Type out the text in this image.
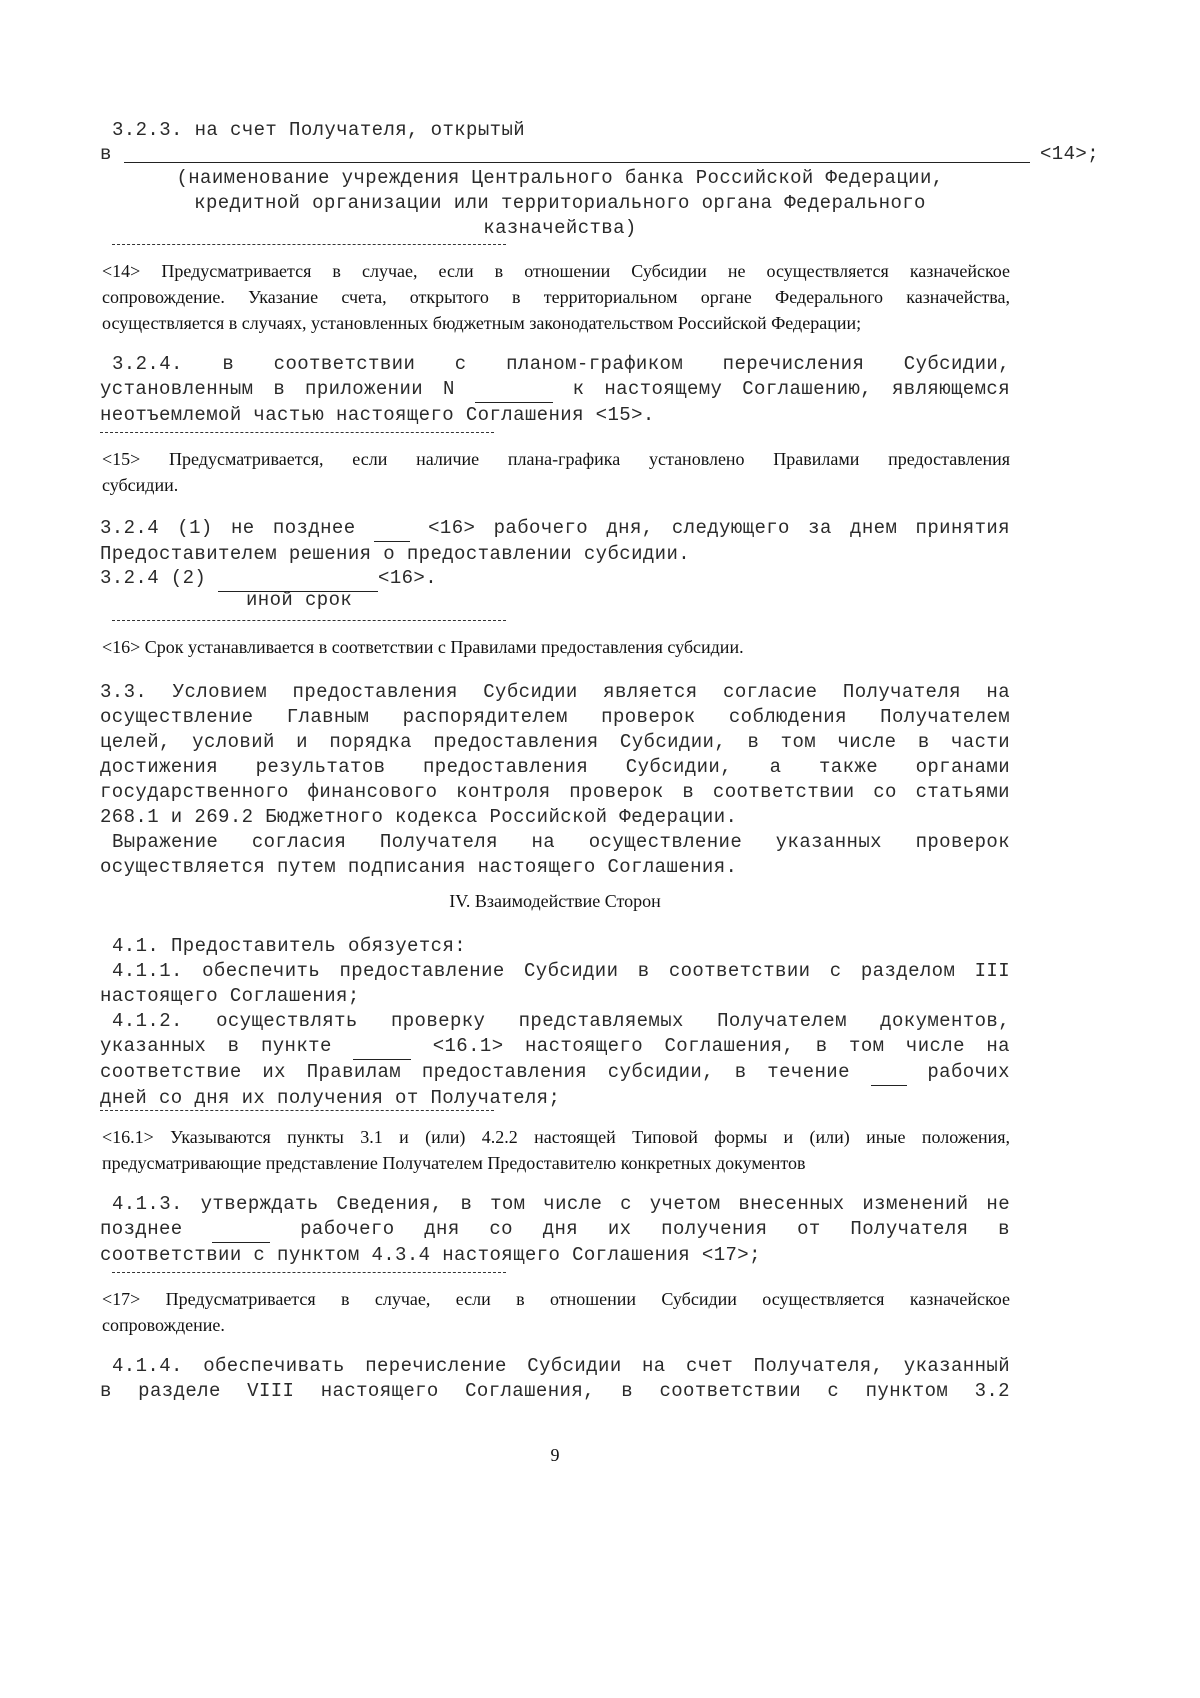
3.2.3. на счет Получателя, открытый
в	<14>;
(наименование учреждения Центрального банка Российской Федерации,
кредитной организации или территориального органа Федерального
казначейства)
<14> Предусматривается в случае, если в отношении Субсидии не осуществляется казначейское
сопровождение. Указание счета, открытого в территориальном органе Федерального казначейства,
осуществляется в случаях, установленных бюджетным законодательством Российской Федерации;
3.2.4. в соответствии с планом-графиком перечисления Субсидии,
установленным в приложении N	к настоящему Соглашению, являющемся
неотъемлемой частью настоящего Соглашения <15>.
<15> Предусматривается, если наличие плана-графика установлено Правилами предоставления
субсидии.
3.2.4 (1) не позднее	<16> рабочего дня, следующего за днем принятия
Предоставителем решения о предоставлении субсидии.
3.2.4 (2)	<16>.
иной срок
<16> Срок устанавливается в соответствии с Правилами предоставления субсидии.
3.3. Условием предоставления Субсидии является согласие Получателя на
осуществление Главным распорядителем проверок соблюдения Получателем
целей, условий и порядка предоставления Субсидии, в том числе в части
достижения результатов предоставления Субсидии, а также органами
государственного финансового контроля проверок в соответствии со статьями
268.1 и 269.2 Бюджетного кодекса Российской Федерации.
Выражение согласия Получателя на осуществление указанных проверок
осуществляется путем подписания настоящего Соглашения.
IV. Взаимодействие Сторон
4.1. Предоставитель обязуется:
4.1.1. обеспечить предоставление Субсидии в соответствии с разделом III
настоящего Соглашения;
4.1.2. осуществлять проверку представляемых Получателем документов,
указанных в пункте	<16.1> настоящего Соглашения, в том числе на
соответствие их Правилам предоставления субсидии, в течение	рабочих
дней со дня их получения от Получателя;
<16.1> Указываются пункты 3.1 и (или) 4.2.2 настоящей Типовой формы и (или) иные положения,
предусматривающие представление Получателем Предоставителю конкретных документов
4.1.3. утверждать Сведения, в том числе с учетом внесенных изменений не
позднее	рабочего дня со дня их получения от Получателя в
соответствии с пунктом 4.3.4 настоящего Соглашения <17>;
<17> Предусматривается в случае, если в отношении Субсидии осуществляется казначейское
сопровождение.
4.1.4. обеспечивать перечисление Субсидии на счет Получателя, указанный
в разделе VIII настоящего Соглашения, в соответствии с пунктом 3.2
9
